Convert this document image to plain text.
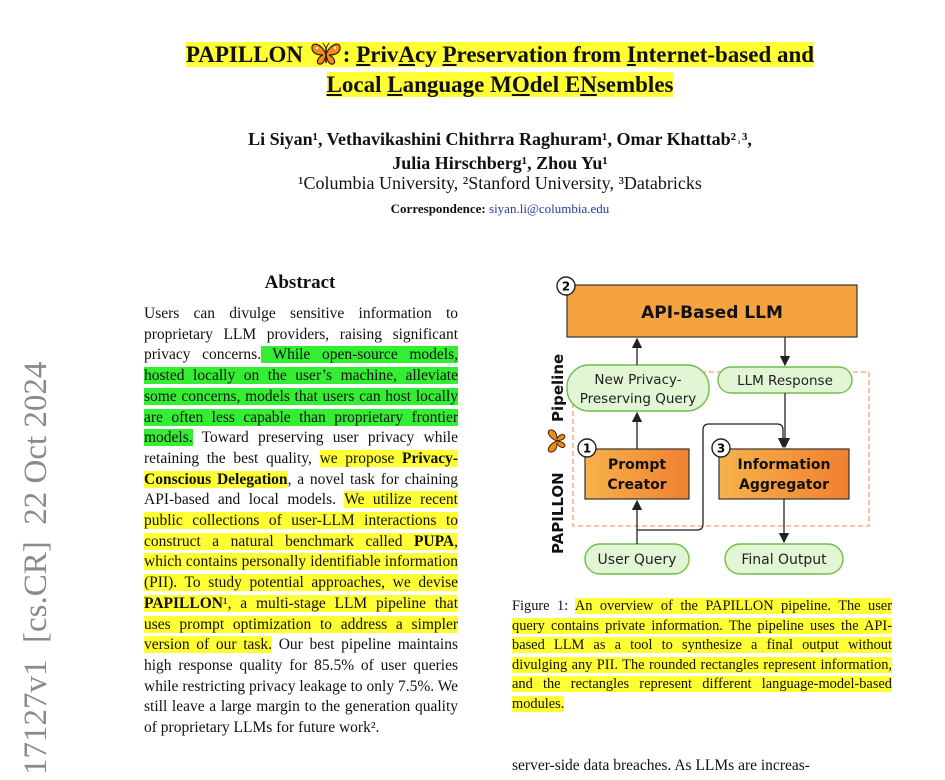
17127v1  [cs.CR]  22 Oct 2024
PAPILLON : PrivAcy Preservation from Internet-based and
Local Language MOdel ENsembles
Li Siyan¹, Vethavikashini Chithrra Raghuram¹, Omar Khattab²˒³,
Julia Hirschberg¹, Zhou Yu¹
¹Columbia University, ²Stanford University, ³Databricks
Correspondence: siyan.li@columbia.edu
Abstract
Users can divulge sensitive information to proprietary LLM providers, raising significant privacy concerns. While open-source models, hosted locally on the user’s machine, alleviate some concerns, models that users can host locally are often less capable than proprietary frontier models. Toward preserving user privacy while retaining the best quality, we propose Privacy-Conscious Delegation, a novel task for chaining API-based and local models. We utilize recent public collections of user-LLM interactions to construct a natural benchmark called PUPA, which contains personally identifiable information (PII). To study potential approaches, we devise PAPILLON¹, a multi-stage LLM pipeline that uses prompt optimization to address a simpler version of our task. Our best pipeline maintains high response quality for 85.5% of user queries while restricting privacy leakage to only 7.5%. We still leave a large margin to the generation quality of proprietary LLMs for future work².
PAPILLON
Pipeline
API-Based LLM
2
New Privacy-
Preserving Query
LLM Response
Prompt
Creator
1
Information
Aggregator
3
User Query	Final Output
Figure 1: An overview of the PAPILLON pipeline. The user query contains private information. The pipeline uses the API-based LLM as a tool to synthesize a final output without divulging any PII. The rounded rectangles represent information, and the rectangles represent different language-model-based modules.
server-side data breaches. As LLMs are increas-
